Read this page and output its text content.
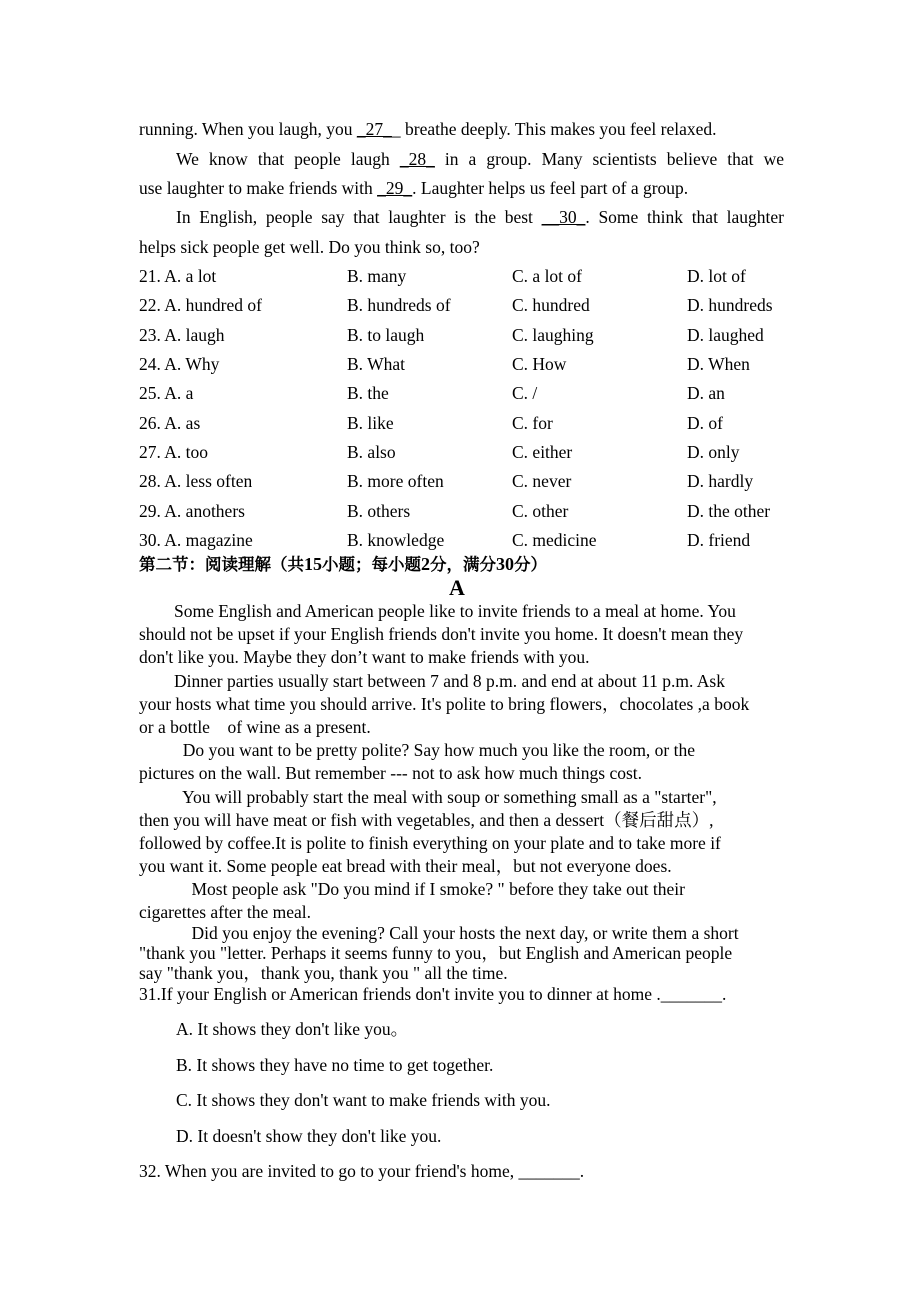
running. When you laugh, you _27__ breathe deeply. This makes you feel relaxed.
We know that people laugh _28_ in a group. Many scientists believe that we
use laughter to make friends with _29_. Laughter helps us feel part of a group.
In English, people say that laughter is the best __30_. Some think that laughter
helps sick people get well. Do you think so, too?
21. A. a lot	B. many	C. a lot of	D. lot of
22. A. hundred of	B. hundreds of	C. hundred	D. hundreds
23. A. laugh	B. to laugh	C. laughing	D. laughed
24. A. Why	B. What	C. How	D. When
25. A. a	B. the	C. /	D. an
26. A. as	B. like	C. for	D. of
27. A. too	B. also	C. either	D. only
28. A. less often	B. more often	C. never	D. hardly
29. A. anothers	B. others	C. other	D. the other
30. A. magazine	B. knowledge	C. medicine	D. friend
第二节：阅读理解（共15小题；每小题2分，满分30分）
A
Some English and American people like to invite friends to a meal at home. You
should not be upset if your English friends don't invite you home. It doesn't mean they
don't like you. Maybe they don’t want to make friends with you.
Dinner parties usually start between 7 and 8 p.m. and end at about 11 p.m. Ask
your hosts what time you should arrive. It's polite to bring flowers，chocolates ,a book
or a bottle    of wine as a present.
Do you want to be pretty polite? Say how much you like the room, or the
pictures on the wall. But remember --- not to ask how much things cost.
You will probably start the meal with soup or something small as a "starter",
then you will have meat or fish with vegetables, and then a dessert（餐后甜点）,
followed by coffee.It is polite to finish everything on your plate and to take more if
you want it. Some people eat bread with their meal，but not everyone does.
Most people ask "Do you mind if I smoke? " before they take out their
cigarettes after the meal.
Did you enjoy the evening? Call your hosts the next day, or write them a short
"thank you "letter. Perhaps it seems funny to you，but English and American people
say "thank you，thank you, thank you " all the time.
31.If your English or American friends don't invite you to dinner at home ._______.
A. It shows they don't like you。
B. It shows they have no time to get together.
C. It shows they don't want to make friends with you.
D. It doesn't show they don't like you.
32. When you are invited to go to your friend's home, _______.
